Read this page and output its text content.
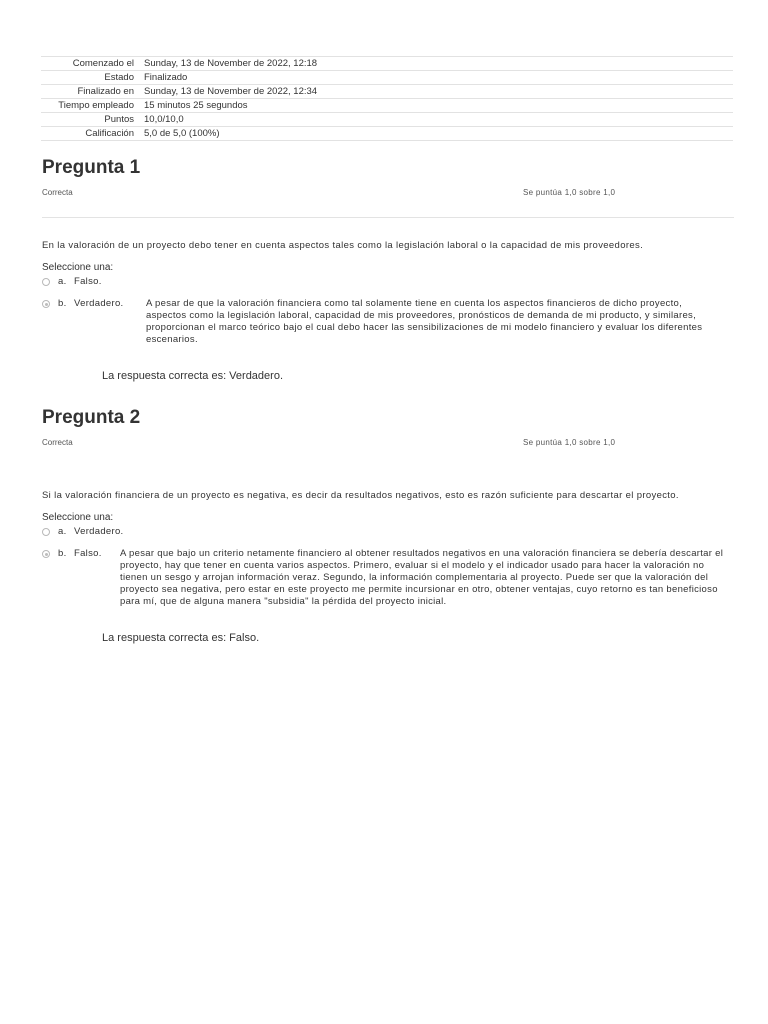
Comenzado el	Sunday, 13 de November de 2022, 12:18
Estado	Finalizado
Finalizado en	Sunday, 13 de November de 2022, 12:34
Tiempo empleado	15 minutos 25 segundos
Puntos	10,0/10,0
Calificación	5,0 de 5,0 (100%)
Pregunta 1
Correcta	Se puntúa 1,0 sobre 1,0
En la valoración de un proyecto debo tener en cuenta aspectos tales como la legislación laboral o la capacidad de mis proveedores.
Seleccione una:
a. Falso.
b. Verdadero. A pesar de que la valoración financiera como tal solamente tiene en cuenta los aspectos financieros de dicho proyecto, aspectos como la legislación laboral, capacidad de mis proveedores, pronósticos de demanda de mi producto, y similares, proporcionan el marco teórico bajo el cual debo hacer las sensibilizaciones de mi modelo financiero y evaluar los diferentes escenarios.
La respuesta correcta es: Verdadero.
Pregunta 2
Correcta	Se puntúa 1,0 sobre 1,0
Si la valoración financiera de un proyecto es negativa, es decir da resultados negativos, esto es razón suficiente para descartar el proyecto.
Seleccione una:
a. Verdadero.
b. Falso. A pesar que bajo un criterio netamente financiero al obtener resultados negativos en una valoración financiera se debería descartar el proyecto, hay que tener en cuenta varios aspectos. Primero, evaluar si el modelo y el indicador usado para hacer la valoración no tienen un sesgo y arrojan información veraz. Segundo, la información complementaria al proyecto. Puede ser que la valoración del proyecto sea negativa, pero estar en este proyecto me permite incursionar en otro, obtener ventajas, cuyo retorno es tan beneficioso para mí, que de alguna manera "subsidia" la pérdida del proyecto inicial.
La respuesta correcta es: Falso.
